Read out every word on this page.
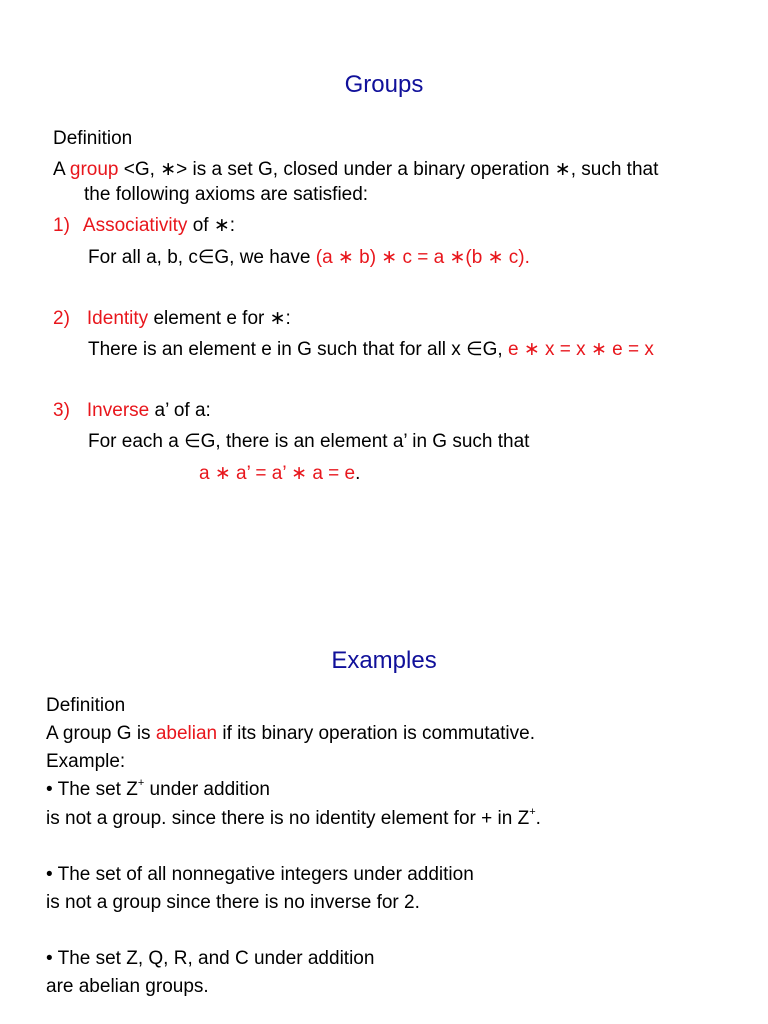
Groups
Definition
A group <G, ∗> is a set G, closed under a binary operation ∗, such that
the following axioms are satisfied:
1) Associativity of ∗:
For all a, b, c∈G, we have (a ∗ b) ∗ c = a ∗(b ∗ c).
2) Identity element e for ∗:
There is an element e in G such that for all x ∈G, e ∗ x = x ∗ e = x
3) Inverse a’ of a:
For each a ∈G, there is an element a’ in G such that
a ∗ a’ = a’ ∗ a = e.
Examples
Definition
A group G is abelian if its binary operation is commutative.
Example:
• The set Z+ under addition
is not a group. since there is no identity element for + in Z+.
• The set of all nonnegative integers under addition
is not a group since there is no inverse for 2.
• The set Z, Q, R, and C under addition
are abelian groups.
